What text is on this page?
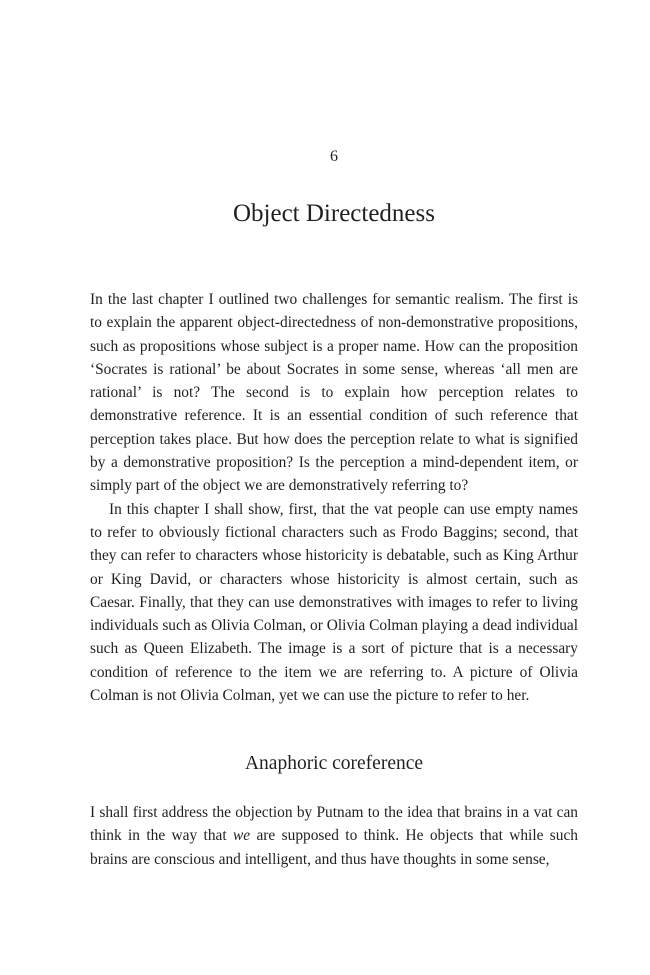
6
Object Directedness

In the last chapter I outlined two challenges for semantic realism. The first is to explain the apparent object-directedness of non-demonstrative propositions, such as propositions whose subject is a proper name. How can the proposition ‘Socrates is rational’ be about Socrates in some sense, whereas ‘all men are rational’ is not? The second is to explain how perception relates to demonstrative reference. It is an essential condition of such reference that perception takes place. But how does the perception relate to what is signified by a demonstrative proposition? Is the perception a mind-dependent item, or simply part of the object we are demonstratively referring to?

In this chapter I shall show, first, that the vat people can use empty names to refer to obviously fictional characters such as Frodo Baggins; second, that they can refer to characters whose historicity is debatable, such as King Arthur or King David, or characters whose historicity is almost certain, such as Caesar. Finally, that they can use demonstratives with images to refer to living individuals such as Olivia Colman, or Olivia Colman playing a dead individual such as Queen Elizabeth. The image is a sort of picture that is a necessary condition of reference to the item we are referring to. A picture of Olivia Colman is not Olivia Colman, yet we can use the picture to refer to her.

Anaphoric coreference

I shall first address the objection by Putnam to the idea that brains in a vat can think in the way that we are supposed to think. He objects that while such brains are conscious and intelligent, and thus have thoughts in some sense,
